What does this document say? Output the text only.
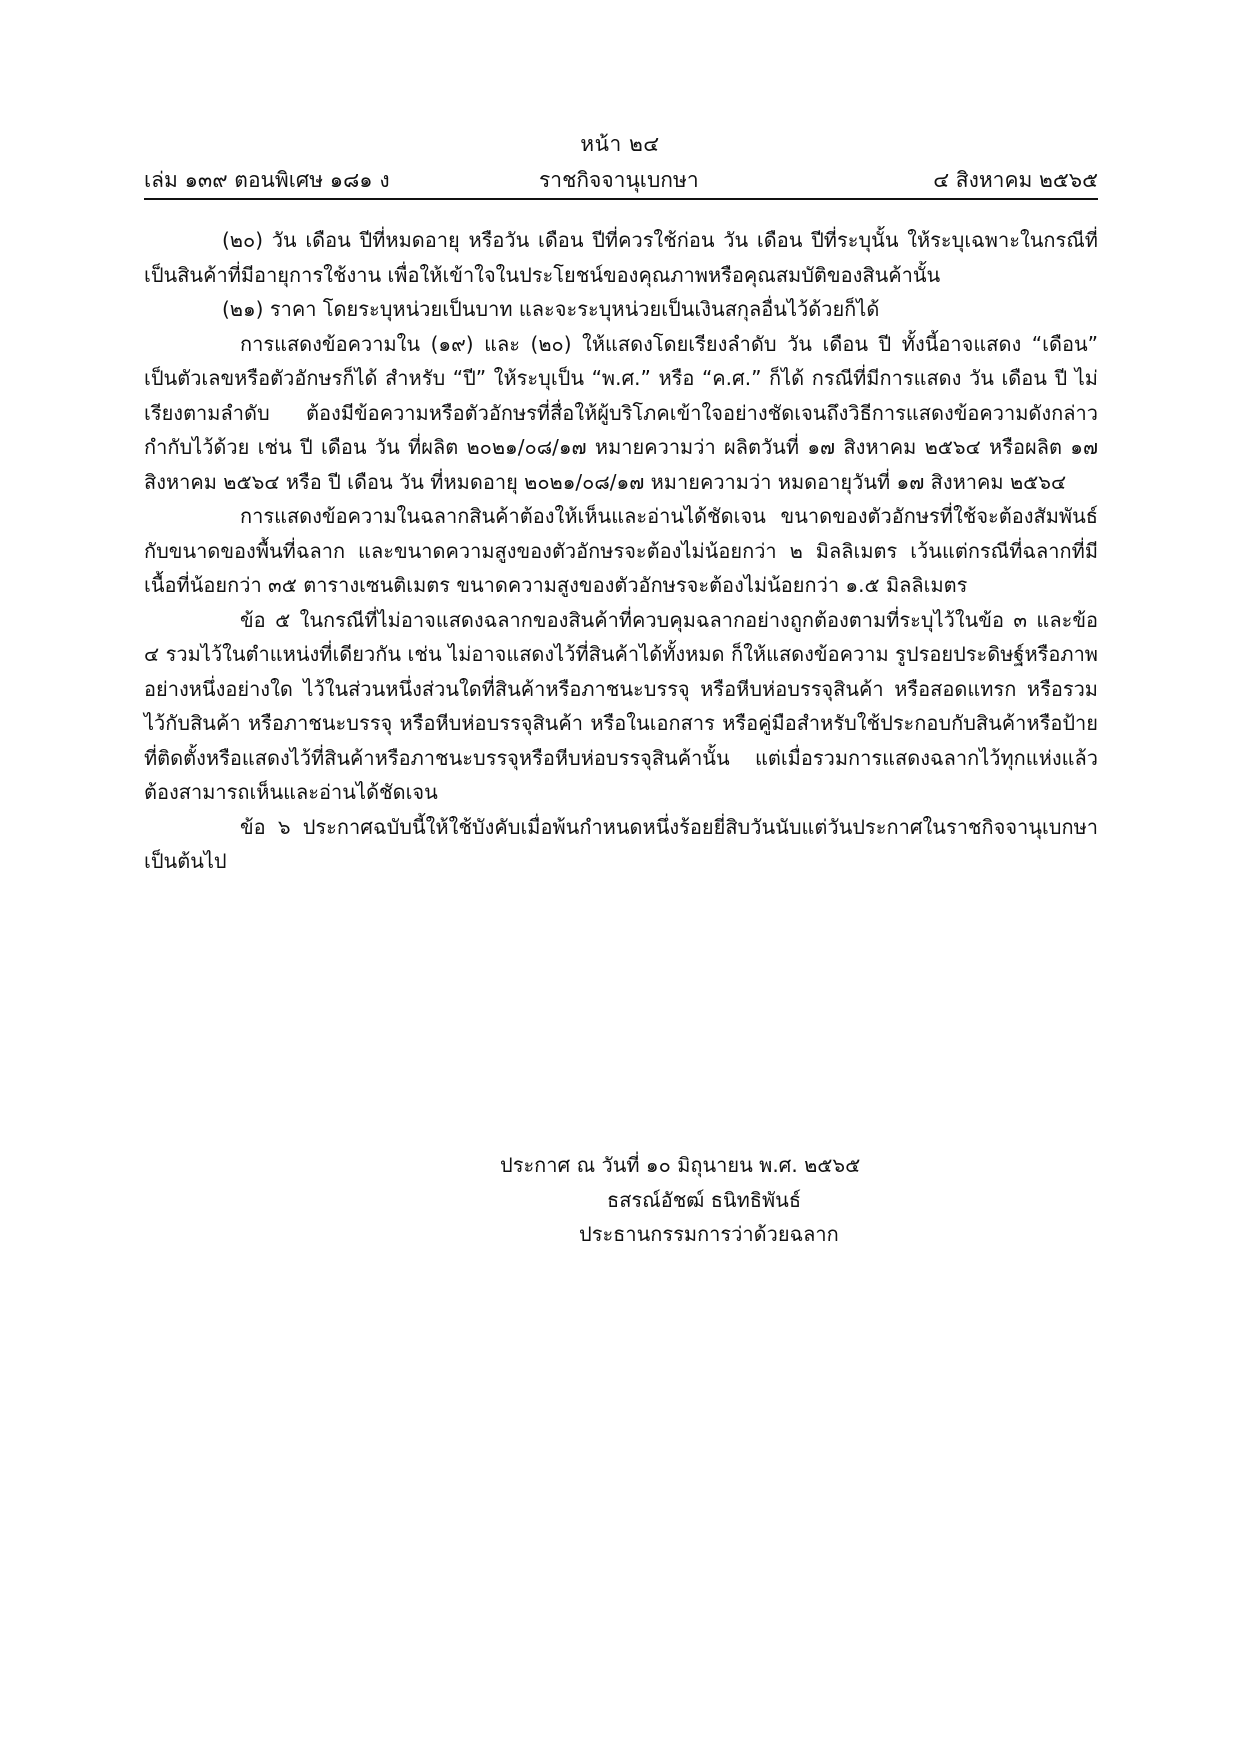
หน้า ๒๔
เล่ม ๑๓๙ ตอนพิเศษ ๑๘๑ ง	ราชกิจจานุเบกษา	๔ สิงหาคม ๒๕๖๕

(๒๐) วัน เดือน ปีที่หมดอายุ หรือวัน เดือน ปีที่ควรใช้ก่อน วัน เดือน ปีที่ระบุนั้น ให้ระบุเฉพาะในกรณีที่เป็นสินค้าที่มีอายุการใช้งาน เพื่อให้เข้าใจในประโยชน์ของคุณภาพหรือคุณสมบัติของสินค้านั้น

(๒๑) ราคา โดยระบุหน่วยเป็นบาท และจะระบุหน่วยเป็นเงินสกุลอื่นไว้ด้วยก็ได้

การแสดงข้อความใน (๑๙) และ (๒๐) ให้แสดงโดยเรียงลำดับ วัน เดือน ปี ทั้งนี้อาจแสดง “เดือน” เป็นตัวเลขหรือตัวอักษรก็ได้ สำหรับ “ปี” ให้ระบุเป็น “พ.ศ.” หรือ “ค.ศ.” ก็ได้ กรณีที่มีการแสดง วัน เดือน ปี ไม่เรียงตามลำดับ ต้องมีข้อความหรือตัวอักษรที่สื่อให้ผู้บริโภคเข้าใจอย่างชัดเจนถึงวิธีการแสดงข้อความดังกล่าวกำกับไว้ด้วย เช่น ปี เดือน วัน ที่ผลิต ๒๐๒๑/๐๘/๑๗ หมายความว่า ผลิตวันที่ ๑๗ สิงหาคม ๒๕๖๔ หรือผลิต ๑๗ สิงหาคม ๒๕๖๔ หรือ ปี เดือน วัน ที่หมดอายุ ๒๐๒๑/๐๘/๑๗ หมายความว่า หมดอายุวันที่ ๑๗ สิงหาคม ๒๕๖๔

การแสดงข้อความในฉลากสินค้าต้องให้เห็นและอ่านได้ชัดเจน ขนาดของตัวอักษรที่ใช้จะต้องสัมพันธ์กับขนาดของพื้นที่ฉลาก และขนาดความสูงของตัวอักษรจะต้องไม่น้อยกว่า ๒ มิลลิเมตร เว้นแต่กรณีที่ฉลากที่มีเนื้อที่น้อยกว่า ๓๕ ตารางเซนติเมตร ขนาดความสูงของตัวอักษรจะต้องไม่น้อยกว่า ๑.๕ มิลลิเมตร

ข้อ ๕ ในกรณีที่ไม่อาจแสดงฉลากของสินค้าที่ควบคุมฉลากอย่างถูกต้องตามที่ระบุไว้ในข้อ ๓ และข้อ ๔ รวมไว้ในตำแหน่งที่เดียวกัน เช่น ไม่อาจแสดงไว้ที่สินค้าได้ทั้งหมด ก็ให้แสดงข้อความ รูปรอยประดิษฐ์หรือภาพ อย่างหนึ่งอย่างใด ไว้ในส่วนหนึ่งส่วนใดที่สินค้าหรือภาชนะบรรจุ หรือหีบห่อบรรจุสินค้า หรือสอดแทรก หรือรวมไว้กับสินค้า หรือภาชนะบรรจุ หรือหีบห่อบรรจุสินค้า หรือในเอกสาร หรือคู่มือสำหรับใช้ประกอบกับสินค้าหรือป้ายที่ติดตั้งหรือแสดงไว้ที่สินค้าหรือภาชนะบรรจุหรือหีบห่อบรรจุสินค้านั้น แต่เมื่อรวมการแสดงฉลากไว้ทุกแห่งแล้ว ต้องสามารถเห็นและอ่านได้ชัดเจน

ข้อ ๖ ประกาศฉบับนี้ให้ใช้บังคับเมื่อพ้นกำหนดหนึ่งร้อยยี่สิบวันนับแต่วันประกาศในราชกิจจานุเบกษาเป็นต้นไป

ประกาศ ณ วันที่ ๑๐ มิถุนายน พ.ศ. ๒๕๖๕
ธสรณ์อัชฒ์ ธนิทธิพันธ์
ประธานกรรมการว่าด้วยฉลาก
